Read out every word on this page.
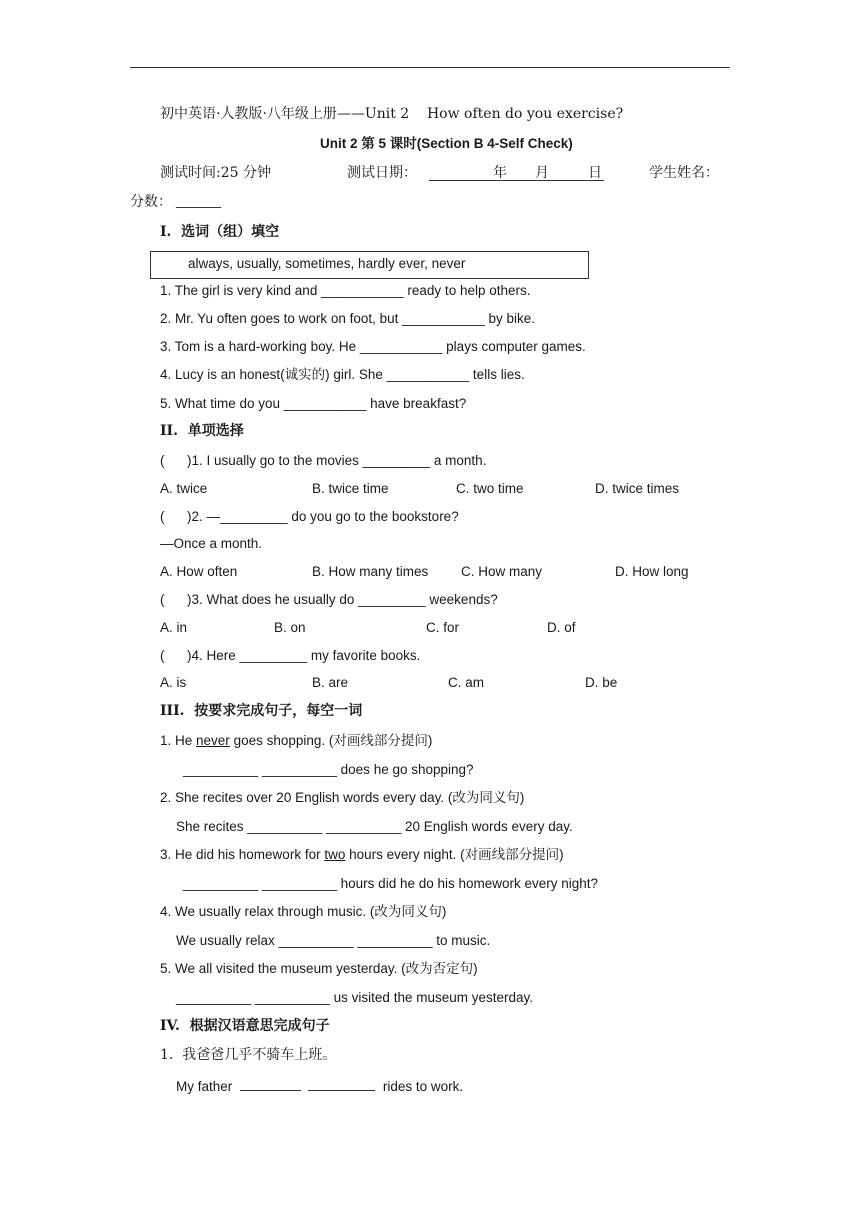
初中英语·人教版·八年级上册——Unit 2    How often do you exercise?
Unit 2 第 5 课时(Section B 4-Self Check)
测试时间:25 分钟	测试日期：

	年

月

	日	学生姓名：
分数： ______
I.  选词（组）填空
always, usually, sometimes, hardly ever, never
1. The girl is very kind and ___________ ready to help others.
2. Mr. Yu often goes to work on foot, but ___________ by bike.
3. Tom is a hard-working boy. He ___________ plays computer games.
4. Lucy is an honest(诚实的) girl. She ___________ tells lies.
5. What time do you ___________ have breakfast?
II.  单项选择
(      )1. I usually go to the movies _________ a month.
A. twice	B. twice time	C. two time	D. twice times
(      )2. —_________ do you go to the bookstore?
—Once a month.
A. How often	B. How many times C. How many	D. How long
(      )3. What does he usually do _________ weekends?
A. in	B. on	C. for	D. of
(      )4. Here _________ my favorite books.
A. is	B. are	C. am	D. be
III.  按要求完成句子，每空一词
1. He never goes shopping. (对画线部分提问)
__________ __________ does he go shopping?
2. She recites over 20 English words every day. (改为同义句)
She recites __________ __________ 20 English words every day.
3. He did his homework for two hours every night. (对画线部分提问)
__________ __________ hours did he do his homework every night?
4. We usually relax through music. (改为同义句)
We usually relax __________ __________ to music.
5. We all visited the museum yesterday. (改为否定句)
__________ __________ us visited the museum yesterday.
IV.  根据汉语意思完成句子
1.  我爸爸几乎不骑车上班。
My father	rides to work.
